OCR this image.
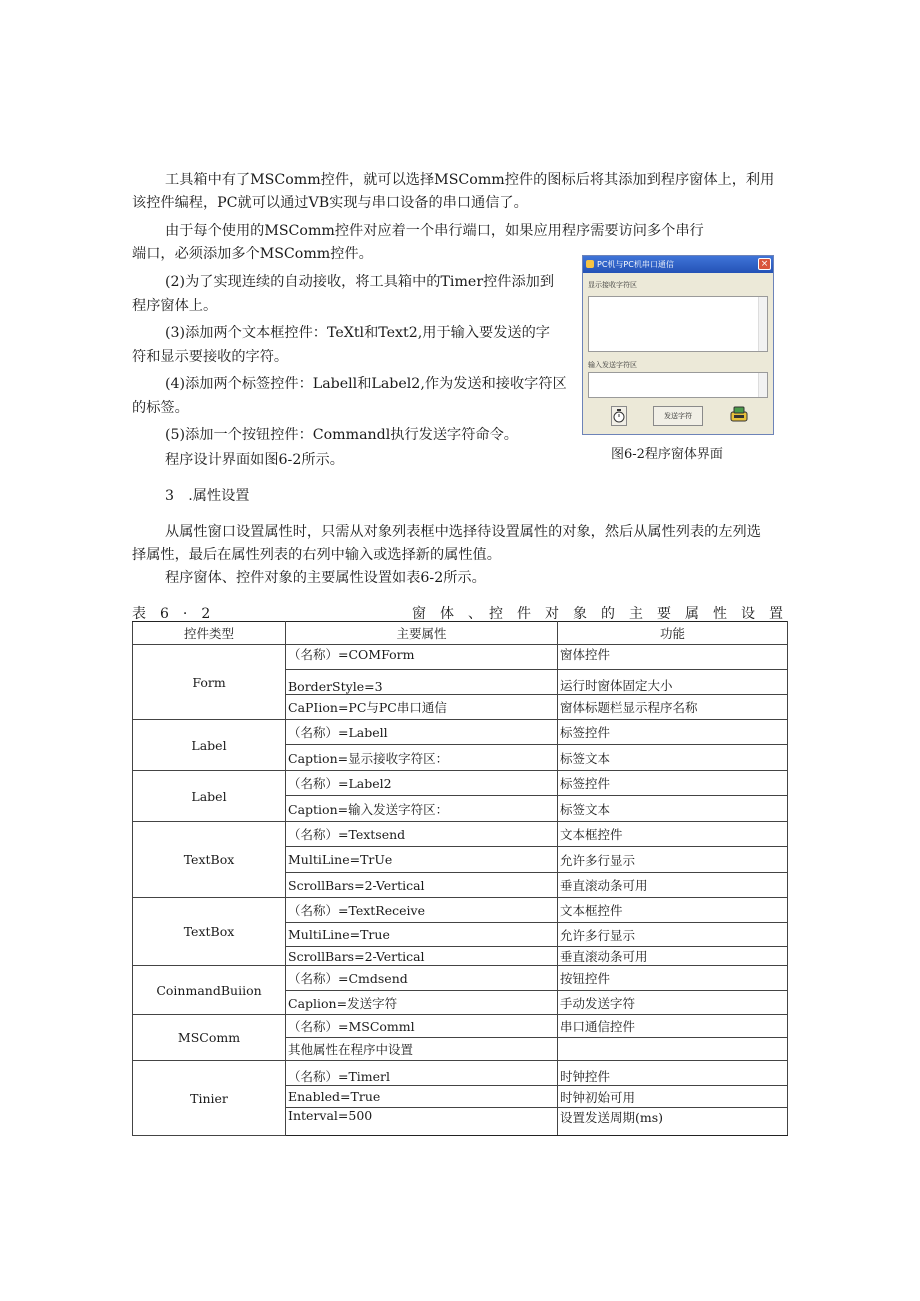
工具箱中有了MSComm控件，就可以选择MSComm控件的图标后将其添加到程序窗体上，利用

该控件编程，PC就可以通过VB实现与串口设备的串口通信了。

由于每个使用的MSComm控件对应着一个串行端口，如果应用程序需要访问多个串行

端口，必须添加多个MSComm控件。

(2)为了实现连续的自动接收，将工具箱中的Timer控件添加到

程序窗体上。

(3)添加两个文本框控件：TeXtl和Text2,用于输入要发送的字

符和显示要接收的字符。

(4)添加两个标签控件：Labell和Label2,作为发送和接收字符区

的标签。

(5)添加一个按钮控件：Commandl执行发送字符命令。

程序设计界面如图6-2所示。

3　.属性设置

从属性窗口设置属性时，只需从对象列表框中选择待设置属性的对象，然后从属性列表的左列选

择属性，最后在属性列表的右列中输入或选择新的属性值。

程序窗体、控件对象的主要属性设置如表6-2所示。

PC机与PC机串口通信	×
显示接收字符区
输入发送字符区
发送字符
图6-2程序窗体界面
表　6　·　2	窗　体　、　控　件　对　象　的　主　要　属　性　设　置
控件类型	主要属性	功能
Form	（名称）=COMForm	窗体控件
	BorderStyle=3	运行时窗体固定大小
	CaPIion=PC与PC串口通信	窗体标题栏显示程序名称
Label	（名称）=Labell	标签控件
	Caption=显示接收字符区：	标签文本
Label	（名称）=Label2	标签控件
	Caption=输入发送字符区：	标签文本
TextBox	（名称）=Textsend	文本框控件
	MultiLine=TrUe	允许多行显示
	ScrollBars=2-Vertical	垂直滚动条可用
TextBox	（名称）=TextReceive	文本框控件
	MultiLine=True	允许多行显示
	ScrollBars=2-Vertical	垂直滚动条可用
CoinmandBuiion	（名称）=Cmdsend	按钮控件
	Caplion=发送字符	手动发送字符
MSComm	（名称）=MSComml	串口通信控件
	其他属性在程序中设置	
Tinier	（名称）=Timerl	时钟控件
	Enabled=True	时钟初始可用
	Interval=500	设置发送周期(ms)
